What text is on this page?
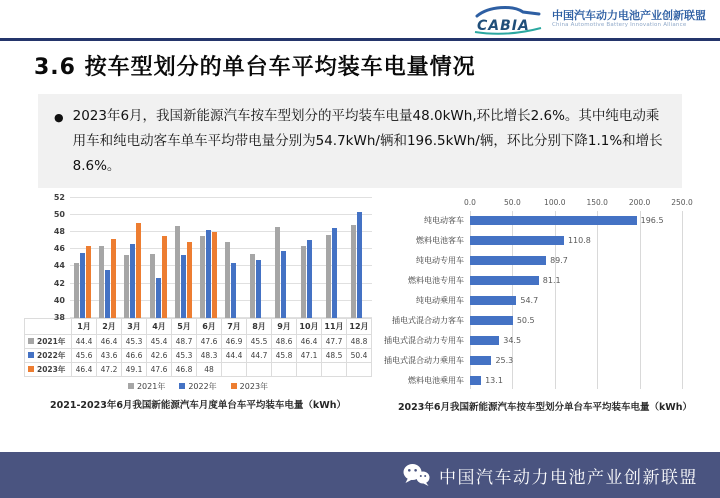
CABIA
中国汽车动力电池产业创新联盟
China Automotive Battery Innovation Alliance
3.6 按车型划分的单台车平均装车电量情况
● 2023年6月，我国新能源汽车按车型划分的平均装车电量48.0kWh,环比增长2.6%。其中纯电动乘用车和纯电动客车单车平均带电量分别为54.7kWh/辆和196.5kWh/辆，环比分别下降1.1%和增长8.6%。
38
40
42
44
46
48
50
52
1月	2月	3月	4月	5月	6月	7月	8月	9月	10月 11月 12月
2021年	44.4	46.4	45.3	45.4	48.7	47.6	46.9	45.5	48.6	46.4	47.7	48.8
2022年	45.6	43.6	46.6	42.6	45.3	48.3	44.4	44.7	45.8	47.1	48.5	50.4
2023年	46.4	47.2	49.1	47.6	46.8	48
2021年	2022年	2023年
2021-2023年6月我国新能源汽车月度单台车平均装车电量（kWh）
0.0	50.0	100.0	150.0	200.0	250.0
纯电动客车
燃料电池客车
纯电动专用车
燃料电池专用车
纯电动乘用车
插电式混合动力客车
插电式混合动力专用车
插电式混合动力乘用车
燃料电池乘用车
196.5
110.8
89.7
81.1
54.7
50.5
34.5
25.3
13.1
2023年6月我国新能源汽车按车型划分单台车平均装车电量（kWh）
中国汽车动力电池产业创新联盟
